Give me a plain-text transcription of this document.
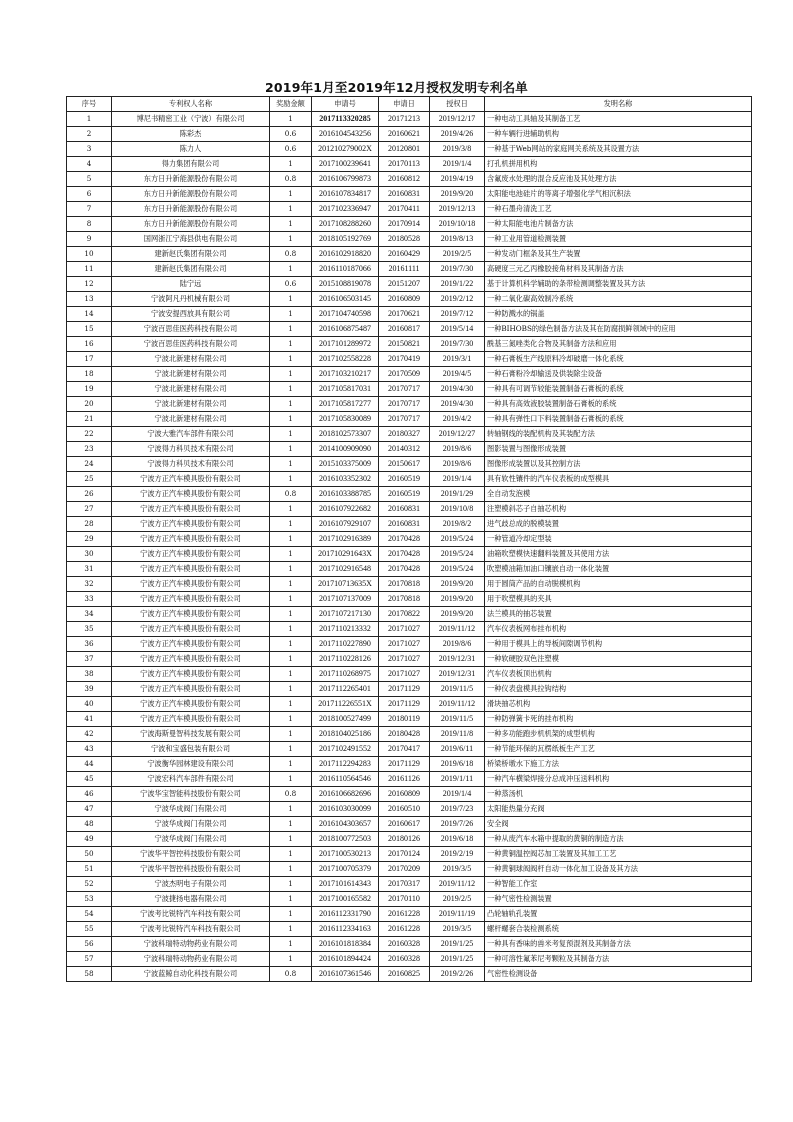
2019年1月至2019年12月授权发明专利名单
序号	专利权人名称	奖励金额	申请号	申请日	授权日	发明名称
1	博尼书精密工业（宁波）有限公司	1	2017113320285	20171213	2019/12/17	一种电动工具轴及其制备工艺
2	陈彩杰	0.6	2016104543256	20160621	2019/4/26	一种车辆行进辅助机构
3	陈力人	0.6	201210279002X	20120801	2019/3/8	一种基于Web网站的家庭网关系统及其设置方法
4	得力集团有限公司	1	2017100239641	20170113	2019/1/4	打孔机拼用机构
5	东方日升新能源股份有限公司	0.8	2016106799873	20160812	2019/4/19	含氟废水处理的混合反应池及其处理方法
6	东方日升新能源股份有限公司	1	2016107834817	20160831	2019/9/20	太阳能电池硅片的等离子增强化学气相沉积法
7	东方日升新能源股份有限公司	1	2017102336947	20170411	2019/12/13	一种石墨舟清洗工艺
8	东方日升新能源股份有限公司	1	2017108288260	20170914	2019/10/18	一种太阳能电池片制备方法
9	国网浙江宁海县供电有限公司	1	2018105192769	20180528	2019/8/13	一种工业用管道检测装置
10	建新赵氏集团有限公司	0.8	2016102918820	20160429	2019/2/5	一种发动门框条及其生产装置
11	建新赵氏集团有限公司	1	2016110187066	20161111	2019/7/30	高硬度三元乙丙橡胶接角材料及其制备方法
12	陆宁远	0.6	2015108819078	20151207	2019/1/22	基于计算机科学辅助的条带检测调整装置及其方法
13	宁波阿凡丹机械有限公司	1	2016106503145	20160809	2019/2/12	一种二氧化碳高效制冷系统
14	宁波安提西放具有限公司	1	2017104740598	20170621	2019/7/12	一种防溅水的锅盖
15	宁波百思佳医药科技有限公司	1	2016106875487	20160817	2019/5/14	一种BIHOBS的绿色制备方法及其在防腐损鲜领域中的应用
16	宁波百思佳医药科技有限公司	1	2017101289972	20150821	2019/7/30	酰基三氮唑类化合物及其制备方法和应用
17	宁波北新建材有限公司	1	2017102558228	20170419	2019/3/1	一种石膏板生产线原料冷却破磨一体化系统
18	宁波北新建材有限公司	1	2017103210217	20170509	2019/4/5	一种石膏粉冷却输送及供装除尘设备
19	宁波北新建材有限公司	1	2017105817031	20170717	2019/4/30	一种具有可调节较能装置制备石膏板的系统
20	宁波北新建材有限公司	1	2017105817277	20170717	2019/4/30	一种具有高效液胶装置制备石膏板的系统
21	宁波北新建材有限公司	1	2017105830089	20170717	2019/4/2	一种具有弹性口下料装置制备石膏板的系统
22	宁波大雅汽车部件有限公司	1	2018102573307	20180327	2019/12/27	转轴钢线的装配机构及其装配方法
23	宁波得力科贝技术有限公司	1	2014100909090	20140312	2019/8/6	图影装置与图像形成装置
24	宁波得力科贝技术有限公司	1	2015103375009	20150617	2019/8/6	图像形成装置以及其控制方法
25	宁波方正汽车模具股份有限公司	1	2016103352302	20160519	2019/1/4	具有软性镶件的汽车仪表板的成型模具
26	宁波方正汽车模具股份有限公司	0.8	2016103388785	20160519	2019/1/29	全自动发泡模
27	宁波方正汽车模具股份有限公司	1	2016107922682	20160831	2019/10/8	注塑模斜芯子自抽芯机构
28	宁波方正汽车模具股份有限公司	1	2016107929107	20160831	2019/8/2	进气歧总成的脱模装置
29	宁波方正汽车模具股份有限公司	1	2017102916389	20170428	2019/5/24	一种管道冷却定型装
30	宁波方正汽车模具股份有限公司	1	201710291643X	20170428	2019/5/24	油箱吹塑模快速翻料装置及其使用方法
31	宁波方正汽车模具股份有限公司	1	2017102916548	20170428	2019/5/24	吹塑模油箱加油口镶嵌自动一体化装置
32	宁波方正汽车模具股份有限公司	1	201710713635X	20170818	2019/9/20	用于圆筒产品的自动脱模机构
33	宁波方正汽车模具股份有限公司	1	2017107137009	20170818	2019/9/20	用于吹塑模具的夹具
34	宁波方正汽车模具股份有限公司	1	2017107217130	20170822	2019/9/20	法兰模具的抽芯装置
35	宁波方正汽车模具股份有限公司	1	2017110213332	20171027	2019/11/12	汽车仪表板网布挂布机构
36	宁波方正汽车模具股份有限公司	1	2017110227890	20171027	2019/8/6	一种用于模具上的导板间隙调节机构
37	宁波方正汽车模具股份有限公司	1	2017110228126	20171027	2019/12/31	一种软硬胶双色注塑模
38	宁波方正汽车模具股份有限公司	1	2017110268975	20171027	2019/12/31	汽车仪表板顶出机构
39	宁波方正汽车模具股份有限公司	1	2017112265401	20171129	2019/11/5	一种仪表盘模具拉钩结构
40	宁波方正汽车模具股份有限公司	1	201711226551X	20171129	2019/11/12	滑块抽芯机构
41	宁波方正汽车模具股份有限公司	1	2018100527499	20180119	2019/11/5	一种防弹簧卡死的挂布机构
42	宁波海斯曼智科技发展有限公司	1	2018104025186	20180428	2019/11/8	一种多功能跑步机机架的成型机构
43	宁波和宝盛包装有限公司	1	2017102491552	20170417	2019/6/11	一种节能环保的瓦楞纸板生产工艺
44	宁波衡华园林建设有限公司	1	2017112294283	20171129	2019/6/18	桥梁桥墩水下施工方法
45	宁波宏科汽车部件有限公司	1	2016110564546	20161126	2019/1/11	一种汽车横梁焊接分总成冲压送料机构
46	宁波华宝智能科技股份有限公司	0.8	2016106682696	20160809	2019/1/4	一种蒸汤机
47	宁波华成阀门有限公司	1	2016103030099	20160510	2019/7/23	太阳能热量分充阀
48	宁波华成阀门有限公司	1	2016104303657	20160617	2019/7/26	安全阀
49	宁波华成阀门有限公司	1	2018100772503	20180126	2019/6/18	一种从废汽车水箱中提取的黄铜的制造方法
50	宁波华平智控科技股份有限公司	1	2017100530213	20170124	2019/2/19	一种黄铜温控阀芯加工装置及其加工工艺
51	宁波华平智控科技股份有限公司	1	2017100705379	20170209	2019/3/5	一种黄铜球阀阀杆自动一体化加工设备及其方法
52	宁波杰明电子有限公司	1	2017101614343	20170317	2019/11/12	一种智能工作室
53	宁波捷扬电器有限公司	1	2017100165582	20170110	2019/2/5	一种气密性检测装置
54	宁波考比锐特汽车科技有限公司	1	2016112331790	20161228	2019/11/19	凸轮轴轨孔装置
55	宁波考比锐特汽车科技有限公司	1	2016112334163	20161228	2019/3/5	螺杆螺套合装检测系统
56	宁波科瑞特动物药业有限公司	1	2016101818384	20160328	2019/1/25	一种具有香味的兽米考复预混剂及其制备方法
57	宁波科瑞特动物药业有限公司	1	2016101894424	20160328	2019/1/25	一种可溶性氟苯尼考颗粒及其制备方法
58	宁波蓝鲸自动化科技有限公司	0.8	2016107361546	20160825	2019/2/26	气密性检测设备
